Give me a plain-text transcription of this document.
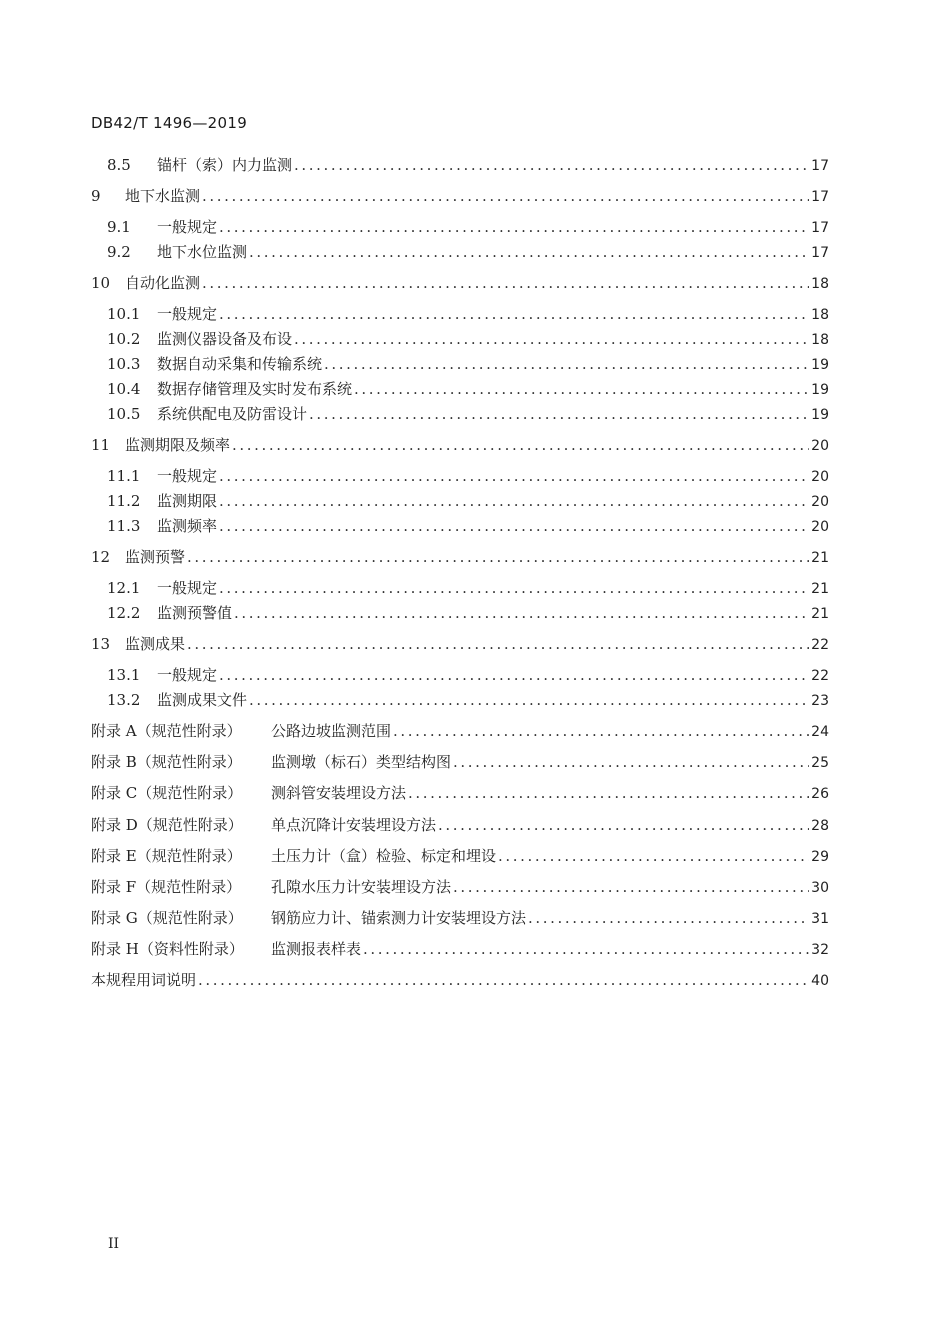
DB42/T 1496—2019
8.5	锚杆（索）内力监测 .....	17
9	地下水监测 .....	17
9.1	一般规定 .....	17
9.2	地下水位监测 .....	17
10 自动化监测 .....	18
10.1	一般规定 .....	18
10.2	监测仪器设备及布设 .....	18
10.3	数据自动采集和传输系统 .....	19
10.4	数据存储管理及实时发布系统 .....	19
10.5	系统供配电及防雷设计 .....	19
11 监测期限及频率 .....	20
11.1	一般规定 .....	20
11.2	监测期限 .....	20
11.3	监测频率 .....	20
12 监测预警 .....	21
12.1	一般规定 .....	21
12.2	监测预警值 .....	21
13 监测成果 .....	22
13.1	一般规定 .....	22
13.2	监测成果文件 .....	23
附录 A（规范性附录）	公路边坡监测范围 .....	24
附录 B（规范性附录）	监测墩（标石）类型结构图 .....	25
附录 C（规范性附录）	测斜管安装埋设方法 .....	26
附录 D（规范性附录）	单点沉降计安装埋设方法 .....	28
附录 E（规范性附录）	土压力计（盒）检验、标定和埋设 .....	29
附录 F（规范性附录）	孔隙水压力计安装埋设方法 .....	30
附录 G（规范性附录）	钢筋应力计、锚索测力计安装埋设方法 .....	31
附录 H（资料性附录）	监测报表样表 .....	32
本规程用词说明 .....	40
II
